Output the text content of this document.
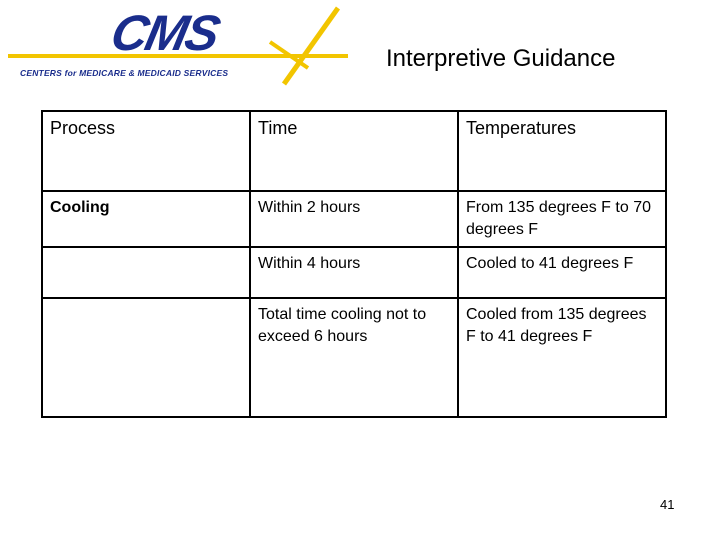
CMS
CENTERS for MEDICARE & MEDICAID SERVICES
Interpretive Guidance
Process	Time	Temperatures
Cooling	Within 2 hours	From 135 degrees F to 70 degrees F
	Within 4 hours	Cooled to 41 degrees F
	Total time cooling not to exceed 6 hours	Cooled from 135 degrees F to 41 degrees F
41
